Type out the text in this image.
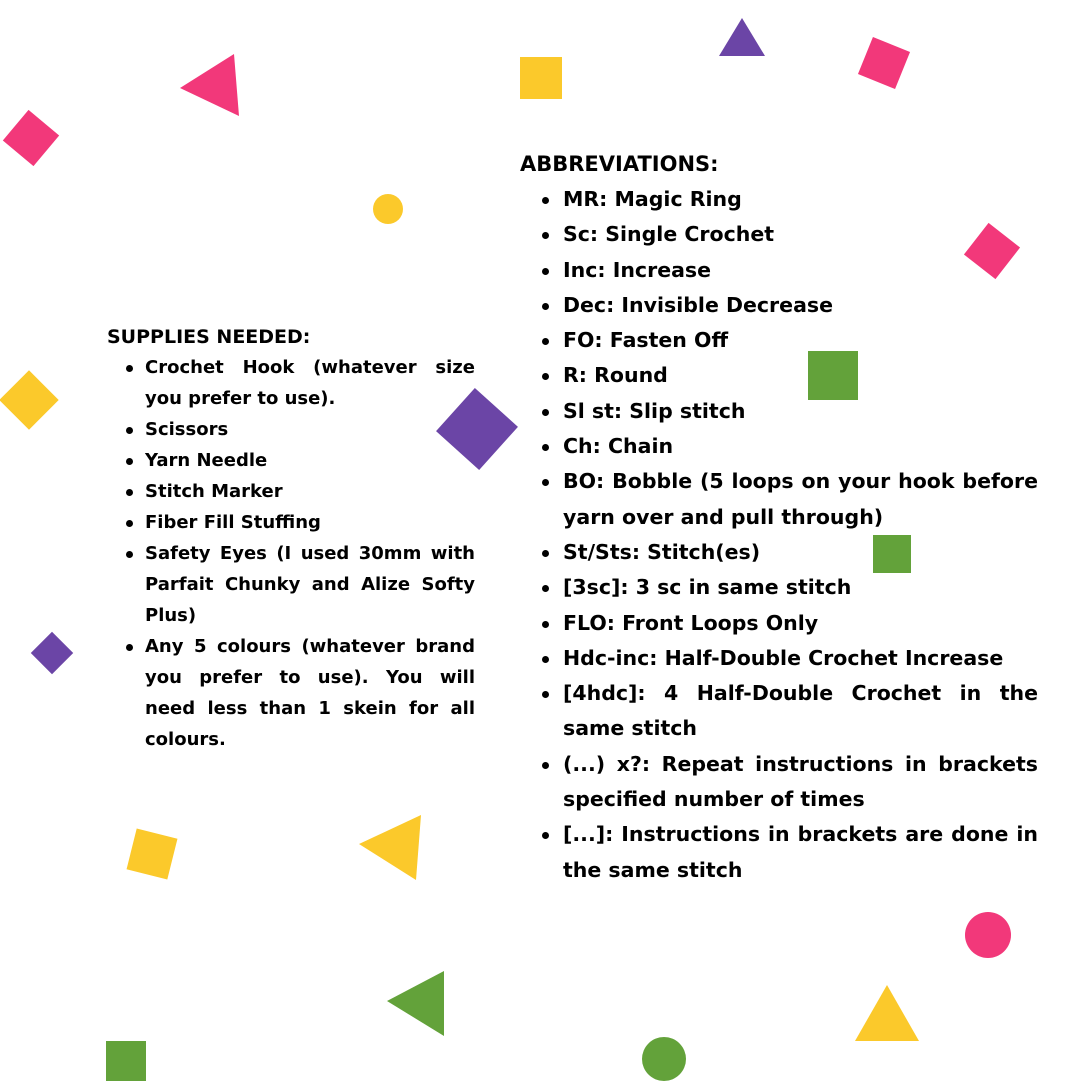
SUPPLIES NEEDED:
Crochet Hook (whatever size you prefer to use).
Scissors
Yarn Needle
Stitch Marker
Fiber Fill Stuffing
Safety Eyes (I used 30mm with Parfait Chunky and Alize Softy Plus)
Any 5 colours (whatever brand you prefer to use). You will need less than 1 skein for all colours.
ABBREVIATIONS:
MR: Magic Ring
Sc: Single Crochet
Inc: Increase
Dec: Invisible Decrease
FO: Fasten Off
R: Round
Sl st: Slip stitch
Ch: Chain
BO: Bobble (5 loops on your hook before yarn over and pull through)
St/Sts: Stitch(es)
[3sc]: 3 sc in same stitch
FLO: Front Loops Only
Hdc-inc: Half-Double Crochet Increase
[4hdc]: 4 Half-Double Crochet in the same stitch
(...) x?: Repeat instructions in brackets specified number of times
[...]: Instructions in brackets are done in the same stitch
